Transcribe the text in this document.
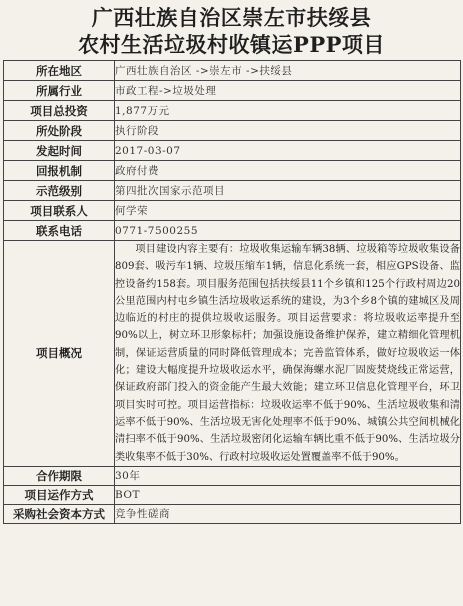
广西壮族自治区崇左市扶绥县
农村生活垃圾村收镇运PPP项目
所在地区	广西壮族自治区 ->崇左市 ->扶绥县
所属行业	市政工程->垃圾处理
项目总投资	1,877万元
所处阶段	执行阶段
发起时间	2017-03-07
回报机制	政府付费
示范级别	第四批次国家示范项目
项目联系人	何学荣
联系电话	0771-7500255
项目概况	项目建设内容主要有：垃圾收集运输车辆38辆、垃圾箱等垃圾收集设备809套、吸污车1辆、垃圾压缩车1辆，信息化系统一套，相应GPS设备、监控设备约158套。项目服务范围包括扶绥县11个乡镇和125个行政村周边20公里范围内村屯乡镇生活垃圾收运系统的建设，为3个乡8个镇的建城区及周边临近的村庄的提供垃圾收运服务。项目运营要求：将垃圾收运率提升至90%以上，树立环卫形象标杆；加强设施设备维护保养，建立精细化管理机制，保证运营质量的同时降低管理成本；完善监管体系，做好垃圾收运一体化；建设大幅度提升垃圾收运水平，确保海螺水泥厂固废焚烧线正常运营，保证政府部门投入的资金能产生最大效能；建立环卫信息化管理平台，环卫项目实时可控。项目运营指标：垃圾收运率不低于90%、生活垃圾收集和清运率不低于90%、生活垃圾无害化处理率不低于90%、城镇公共空间机械化清扫率不低于90%、生活垃圾密闭化运输车辆比重不低于90%、生活垃圾分类收集率不低于30%、行政村垃圾收运处置覆盖率不低于90%。

合作期限	30年
项目运作方式	BOT
采购社会资本方式	竞争性磋商
